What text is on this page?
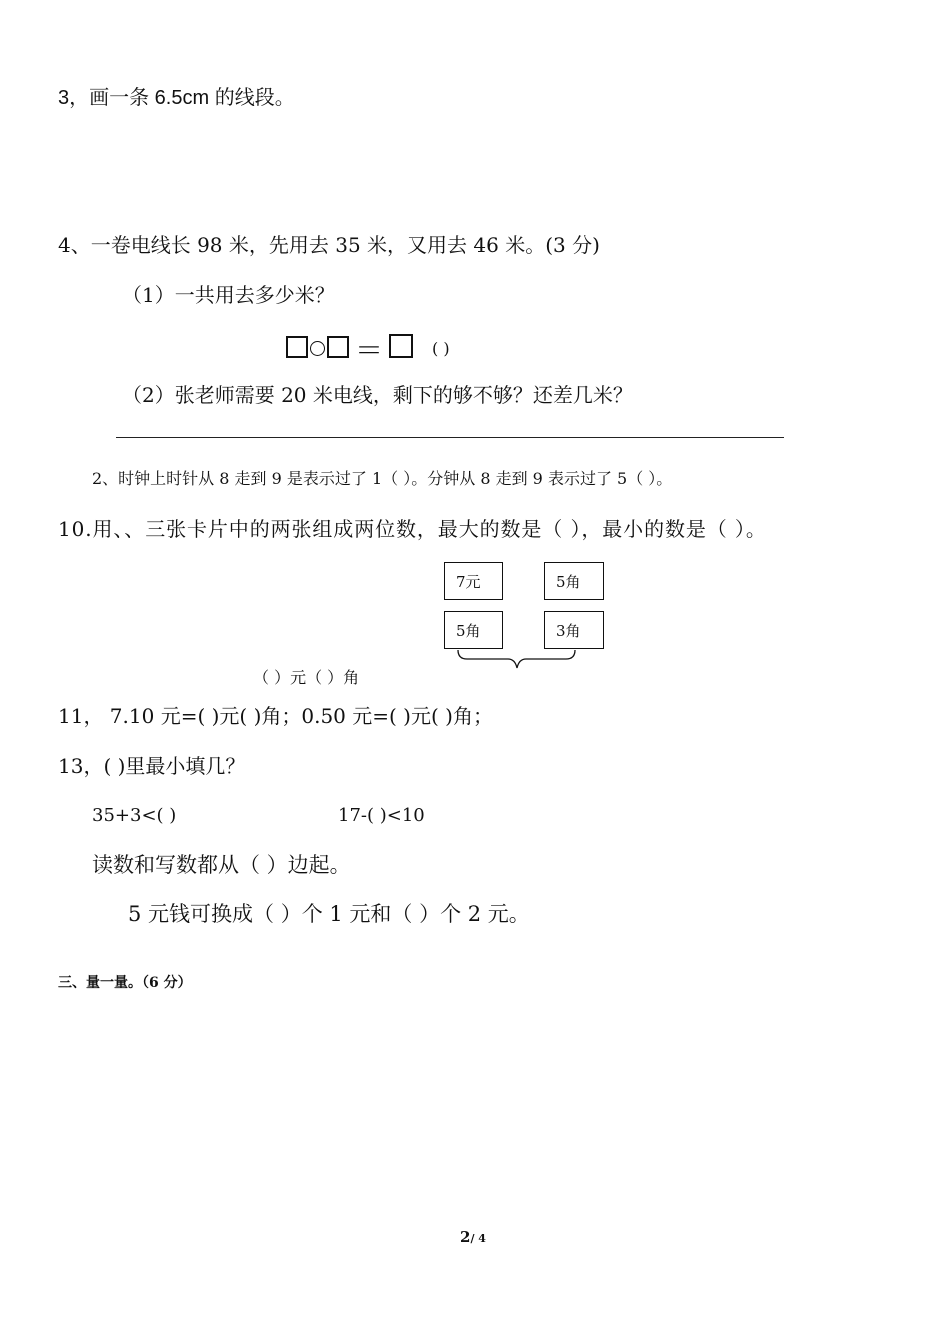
3，画一条 6.5cm 的线段。
4、一卷电线长 98 米，先用去 35 米，又用去 46 米。(3 分)
（1）一共用去多少米？
＝	( )
（2）张老师需要 20 米电线，剩下的够不够？还差几米？
2、时钟上时针从 8 走到 9 是表示过了 1（ ）。分钟从 8 走到 9 表示过了 5（ ）。
10.用、、三张卡片中的两张组成两位数，最大的数是（ ），最小的数是（ ）。
7元	5角
5角	3角
（ ）元（ ）角
11， 7.10 元=( )元( )角；0.50 元=( )元( )角；
13，( )里最小填几？
35+3<( )	17-( )<10
读数和写数都从（ ）边起。
5 元钱可换成（ ）个 1 元和（ ）个 2 元。
三、量一量。（6 分）
2/ 4
